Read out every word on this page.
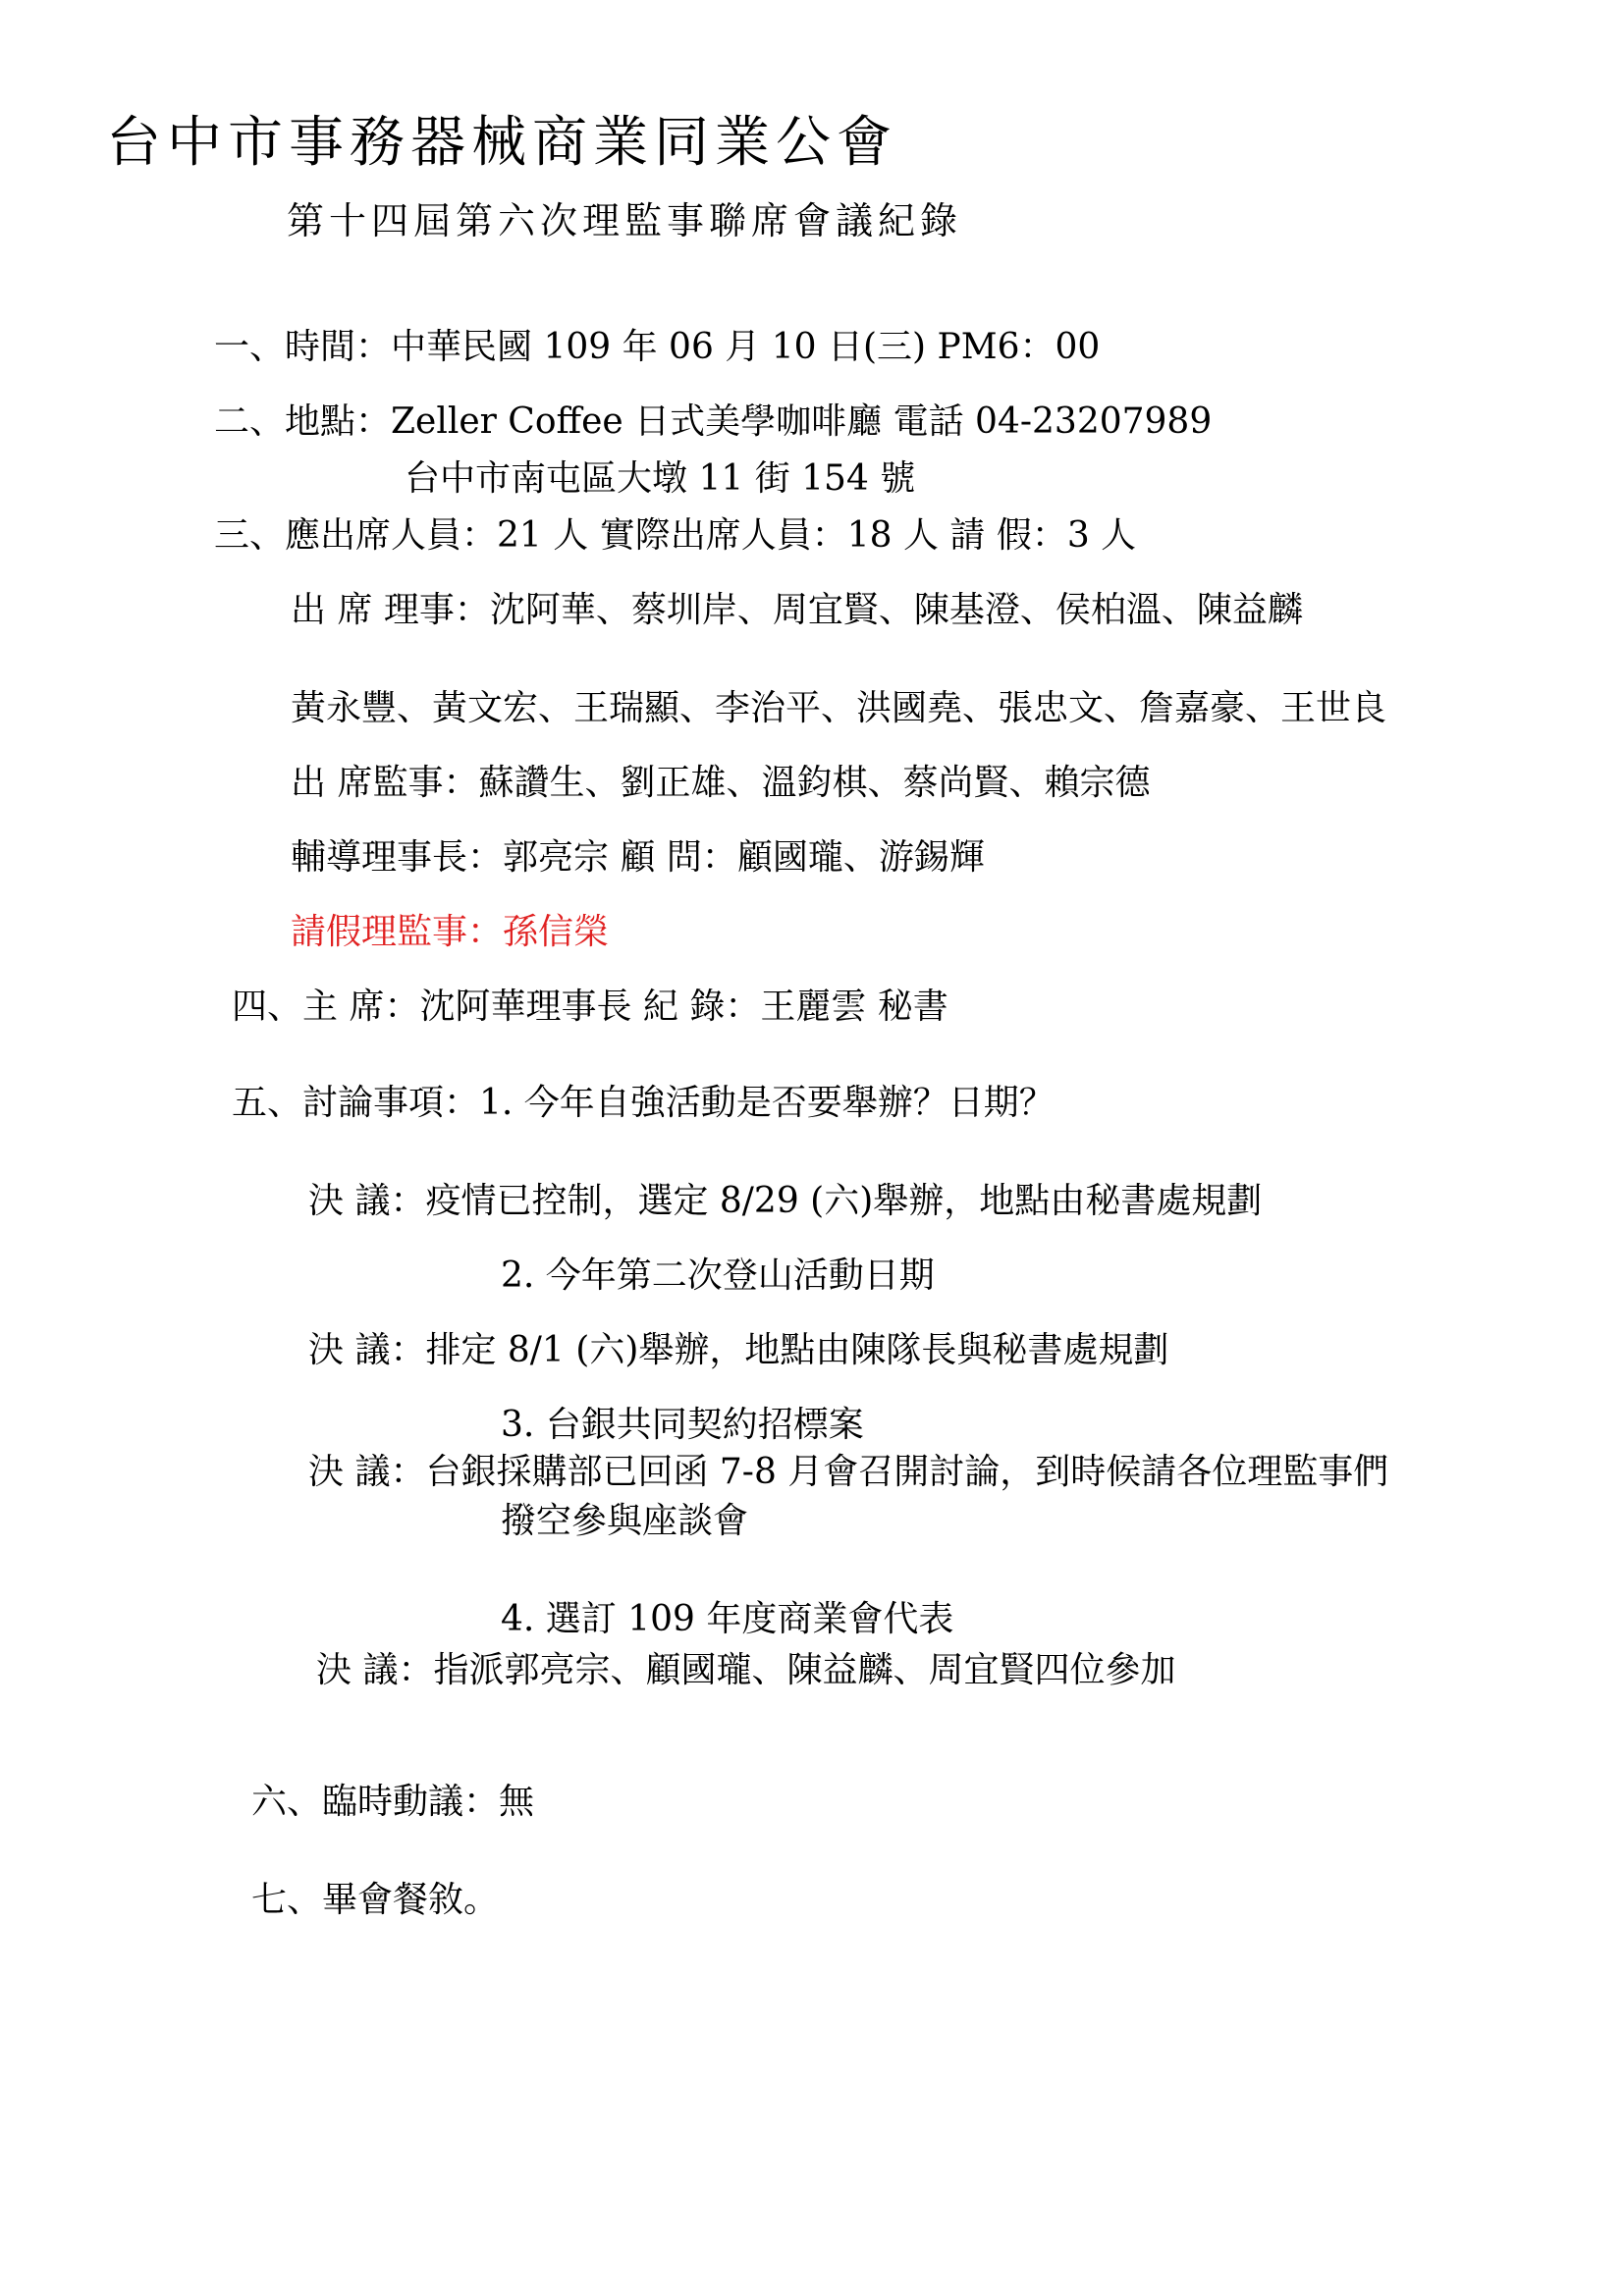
台中市事務器械商業同業公會
第十四屆第六次理監事聯席會議紀錄
一、時間：中華民國 109 年 06 月 10 日(三) PM6：00
二、地點：Zeller Coffee 日式美學咖啡廳 電話 04-23207989
台中市南屯區大墩 11 街 154 號
三、應出席人員：21 人 實際出席人員：18 人 請 假：3 人
出 席 理事：沈阿華、蔡圳岸、周宜賢、陳基澄、侯柏溫、陳益麟
黃永豐、黃文宏、王瑞顯、李治平、洪國堯、張忠文、詹嘉豪、王世良
出 席監事：蘇讚生、劉正雄、溫鈞棋、蔡尚賢、賴宗德
輔導理事長：郭亮宗 顧 問：顧國瓏、游錫輝
請假理監事：孫信榮
四、主 席：沈阿華理事長 紀 錄：王麗雲 秘書
五、討論事項：1. 今年自強活動是否要舉辦？日期？
決 議：疫情已控制，選定 8/29 (六)舉辦，地點由秘書處規劃
2. 今年第二次登山活動日期
決 議：排定 8/1 (六)舉辦，地點由陳隊長與秘書處規劃
3. 台銀共同契約招標案
決 議：台銀採購部已回函 7-8 月會召開討論，到時候請各位理監事們
撥空參與座談會
4. 選訂 109 年度商業會代表
決 議：指派郭亮宗、顧國瓏、陳益麟、周宜賢四位參加
六、臨時動議：無
七、畢會餐敘。
